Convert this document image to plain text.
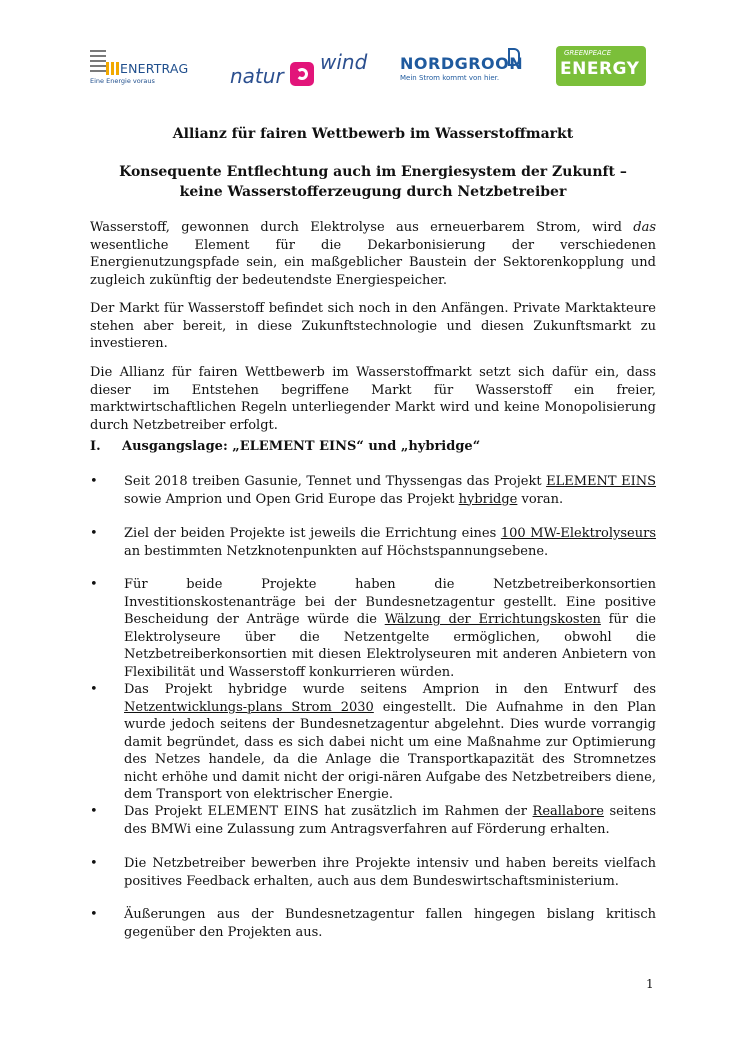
ENERTRAG
Eine Energie voraus	natur
wind NORDGROON
Mein Strom kommt von hier.
GREENPEACE
ENERGY
Allianz für fairen Wettbewerb im Wasserstoffmarkt
Konsequente Entflechtung auch im Energiesystem der Zukunft –
keine Wasserstofferzeugung durch Netzbetreiber
Wasserstoff, gewonnen durch Elektrolyse aus erneuerbarem Strom, wird das wesentliche Element für die Dekarbonisierung der verschiedenen Energienutzungspfade sein, ein maßgeblicher Baustein der Sektorenkopplung und zugleich zukünftig der bedeutendste Energiespeicher.
Der Markt für Wasserstoff befindet sich noch in den Anfängen. Private Marktakteure stehen aber bereit, in diese Zukunftstechnologie und diesen Zukunftsmarkt zu investieren.
Die Allianz für fairen Wettbewerb im Wasserstoffmarkt setzt sich dafür ein, dass dieser im Entstehen begriffene Markt für Wasserstoff ein freier, marktwirtschaftlichen Regeln unterliegender Markt wird und keine Monopolisierung durch Netzbetreiber erfolgt.
I. Ausgangslage: „ELEMENT EINS“ und „hybridge“
•	Seit 2018 treiben Gasunie, Tennet und Thyssengas das Projekt ELEMENT EINS sowie Amprion und Open Grid Europe das Projekt hybridge voran.
•	Ziel der beiden Projekte ist jeweils die Errichtung eines 100 MW-Elektrolyseurs an bestimmten Netzknotenpunkten auf Höchstspannungsebene.
•	Für beide Projekte haben die Netzbetreiberkonsortien Investitionskostenanträge bei der Bundesnetzagentur gestellt. Eine positive Bescheidung der Anträge würde die Wälzung der Errichtungskosten für die Elektrolyseure über die Netzentgelte ermöglichen, obwohl die Netzbetreiberkonsortien mit diesen Elektrolyseuren mit anderen Anbietern von Flexibilität und Wasserstoff konkurrieren würden.
•	Das Projekt hybridge wurde seitens Amprion in den Entwurf des Netzentwicklungs-plans Strom 2030 eingestellt. Die Aufnahme in den Plan wurde jedoch seitens der Bundesnetzagentur abgelehnt. Dies wurde vorrangig damit begründet, dass es sich dabei nicht um eine Maßnahme zur Optimierung des Netzes handele, da die Anlage die Transportkapazität des Stromnetzes nicht erhöhe und damit nicht der origi-nären Aufgabe des Netzbetreibers diene, dem Transport von elektrischer Energie.
•	Das Projekt ELEMENT EINS hat zusätzlich im Rahmen der Reallabore seitens des BMWi eine Zulassung zum Antragsverfahren auf Förderung erhalten.
•	Die Netzbetreiber bewerben ihre Projekte intensiv und haben bereits vielfach positives Feedback erhalten, auch aus dem Bundeswirtschaftsministerium.
•	Äußerungen aus der Bundesnetzagentur fallen hingegen bislang kritisch gegenüber den Projekten aus.
1
